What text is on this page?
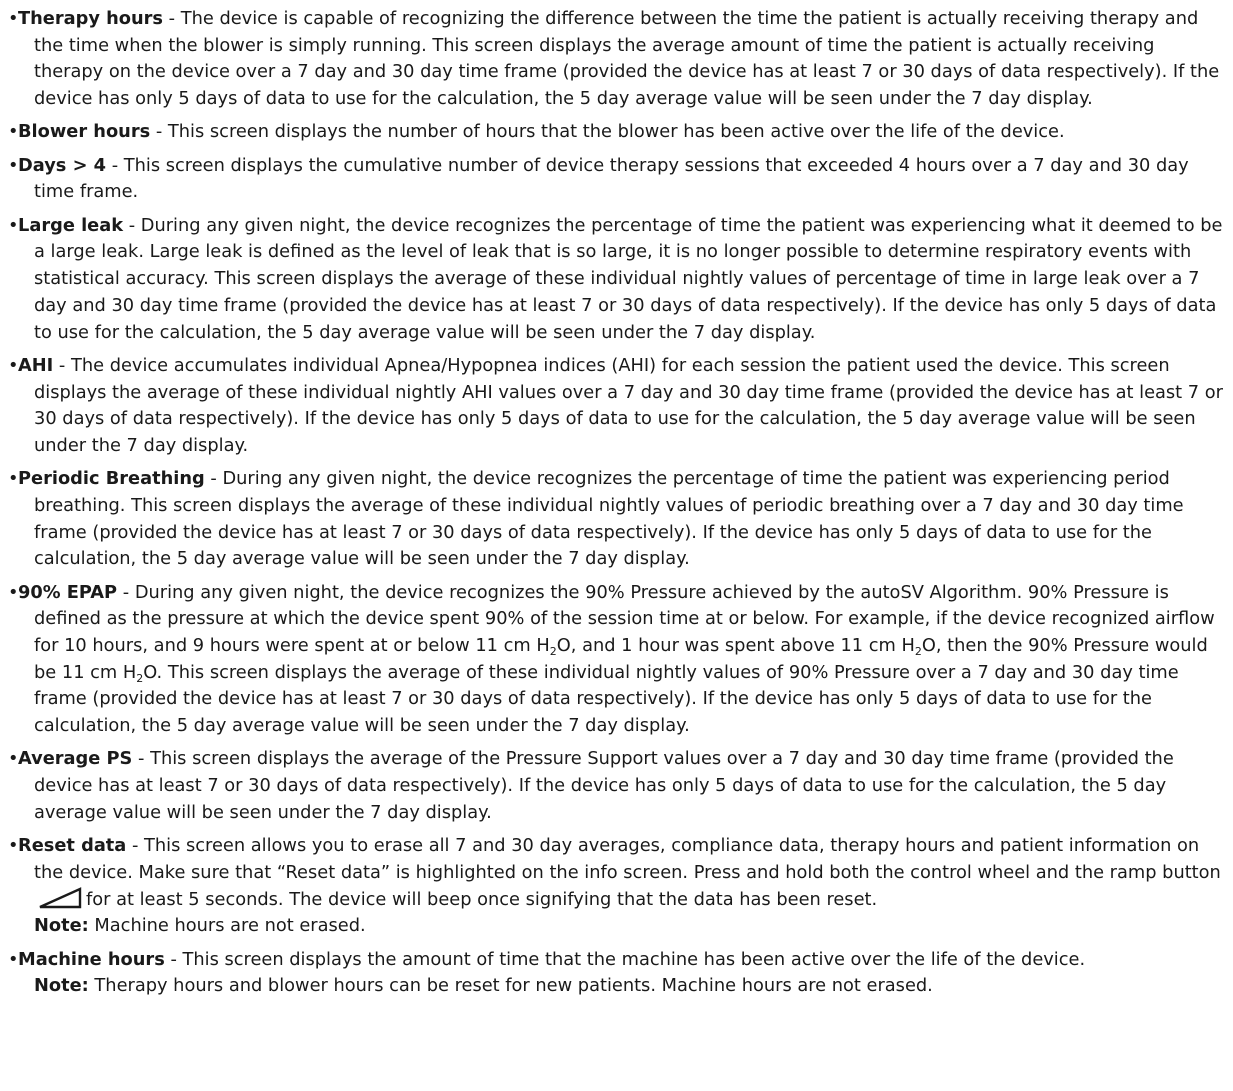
•Therapy hours - The device is capable of recognizing the difference between the time the patient is actually receiving therapy and the time when the blower is simply running. This screen displays the average amount of time the patient is actually receiving therapy on the device over a 7 day and 30 day time frame (provided the device has at least 7 or 30 days of data respectively). If the device has only 5 days of data to use for the calculation, the 5 day average value will be seen under the 7 day display.

•Blower hours - This screen displays the number of hours that the blower has been active over the life of the device.

•Days > 4 - This screen displays the cumulative number of device therapy sessions that exceeded 4 hours over a 7 day and 30 day time frame.

•Large leak - During any given night, the device recognizes the percentage of time the patient was experiencing what it deemed to be a large leak. Large leak is defined as the level of leak that is so large, it is no longer possible to determine respiratory events with statistical accuracy. This screen displays the average of these individual nightly values of percentage of time in large leak over a 7 day and 30 day time frame (provided the device has at least 7 or 30 days of data respectively). If the device has only 5 days of data to use for the calculation, the 5 day average value will be seen under the 7 day display.

•AHI - The device accumulates individual Apnea/Hypopnea indices (AHI) for each session the patient used the device. This screen displays the average of these individual nightly AHI values over a 7 day and 30 day time frame (provided the device has at least 7 or 30 days of data respectively). If the device has only 5 days of data to use for the calculation, the 5 day average value will be seen under the 7 day display.

•Periodic Breathing - During any given night, the device recognizes the percentage of time the patient was experiencing period breathing. This screen displays the average of these individual nightly values of periodic breathing over a 7 day and 30 day time frame (provided the device has at least 7 or 30 days of data respectively). If the device has only 5 days of data to use for the calculation, the 5 day average value will be seen under the 7 day display.

•90% EPAP - During any given night, the device recognizes the 90% Pressure achieved by the autoSV Algorithm. 90% Pressure is defined as the pressure at which the device spent 90% of the session time at or below. For example, if the device recognized airflow for 10 hours, and 9 hours were spent at or below 11 cm $H_2O$, and 1 hour was spent above 11 cm $H_2O$, then the 90% Pressure would be 11 cm $H_2O$. This screen displays the average of these individual nightly values of 90% Pressure over a 7 day and 30 day time frame (provided the device has at least 7 or 30 days of data respectively). If the device has only 5 days of data to use for the calculation, the 5 day average value will be seen under the 7 day display.

•Average PS - This screen displays the average of the Pressure Support values over a 7 day and 30 day time frame (provided the device has at least 7 or 30 days of data respectively). If the device has only 5 days of data to use for the calculation, the 5 day average value will be seen under the 7 day display.

•Reset data - This screen allows you to erase all 7 and 30 day averages, compliance data, therapy hours and patient information on the device. Make sure that “Reset data” is highlighted on the info screen. Press and hold both the control wheel and the ramp button
for at least 5 seconds. The device will beep once signifying that the data has been reset.
Note: Machine hours are not erased.

•Machine hours - This screen displays the amount of time that the machine has been active over the life of the device.
Note: Therapy hours and blower hours can be reset for new patients. Machine hours are not erased.
